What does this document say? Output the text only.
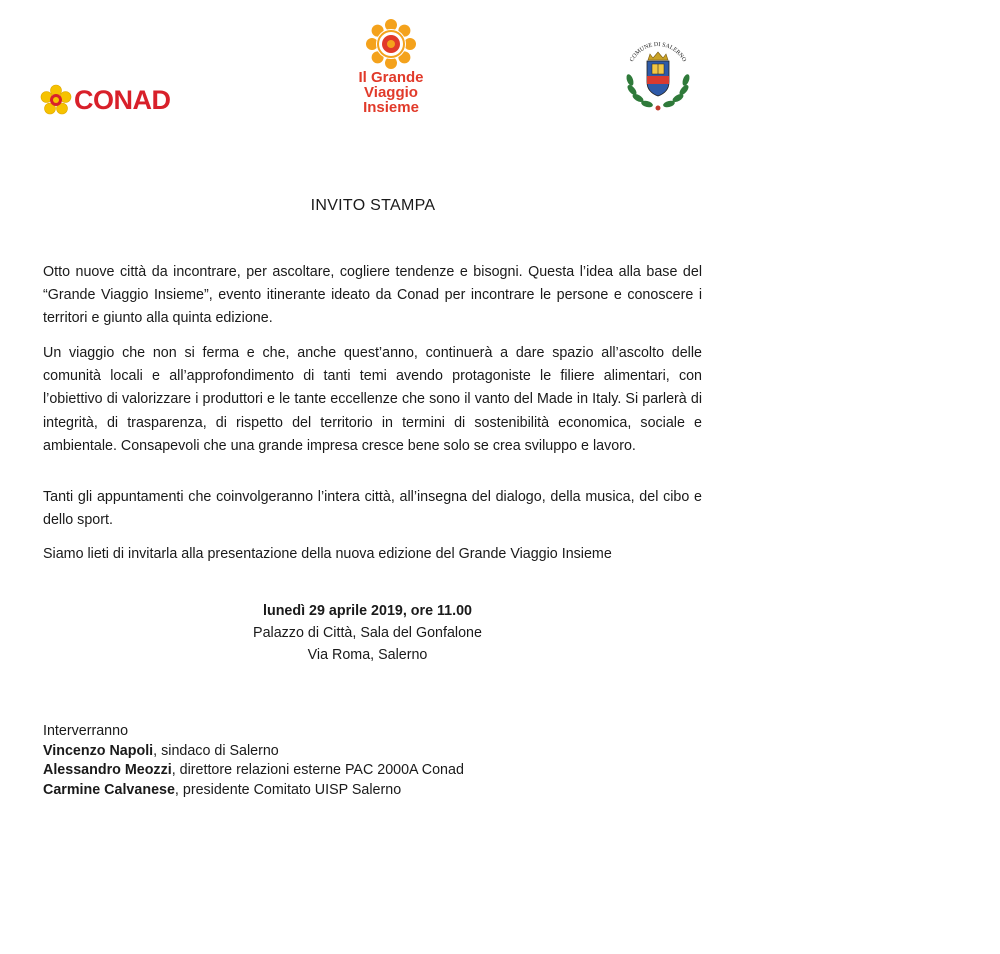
CONAD
Il Grande
Viaggio
Insieme
COMUNE DI SALERNO
INVITO STAMPA

Otto nuove città da incontrare, per ascoltare, cogliere tendenze e bisogni. Questa l’idea alla base del “Grande Viaggio Insieme”, evento itinerante ideato da Conad per incontrare le persone e conoscere i territori e giunto alla quinta edizione.

Un viaggio che non si ferma e che, anche quest’anno, continuerà a dare spazio all’ascolto delle comunità locali e all’approfondimento di tanti temi avendo protagoniste le filiere alimentari, con l’obiettivo di valorizzare i produttori e le tante eccellenze che sono il vanto del Made in Italy. Si parlerà di integrità, di trasparenza, di rispetto del territorio in termini di sostenibilità economica, sociale e ambientale. Consapevoli che una grande impresa cresce bene solo se crea sviluppo e lavoro.

Tanti gli appuntamenti che coinvolgeranno l’intera città, all’insegna del dialogo, della musica, del cibo e dello sport.

Siamo lieti di invitarla alla presentazione della nuova edizione del Grande Viaggio Insieme

lunedì 29 aprile 2019, ore 11.00
Palazzo di Città, Sala del Gonfalone
Via Roma, Salerno
Interverranno
Vincenzo Napoli, sindaco di Salerno
Alessandro Meozzi, direttore relazioni esterne PAC 2000A Conad
Carmine Calvanese, presidente Comitato UISP Salerno
